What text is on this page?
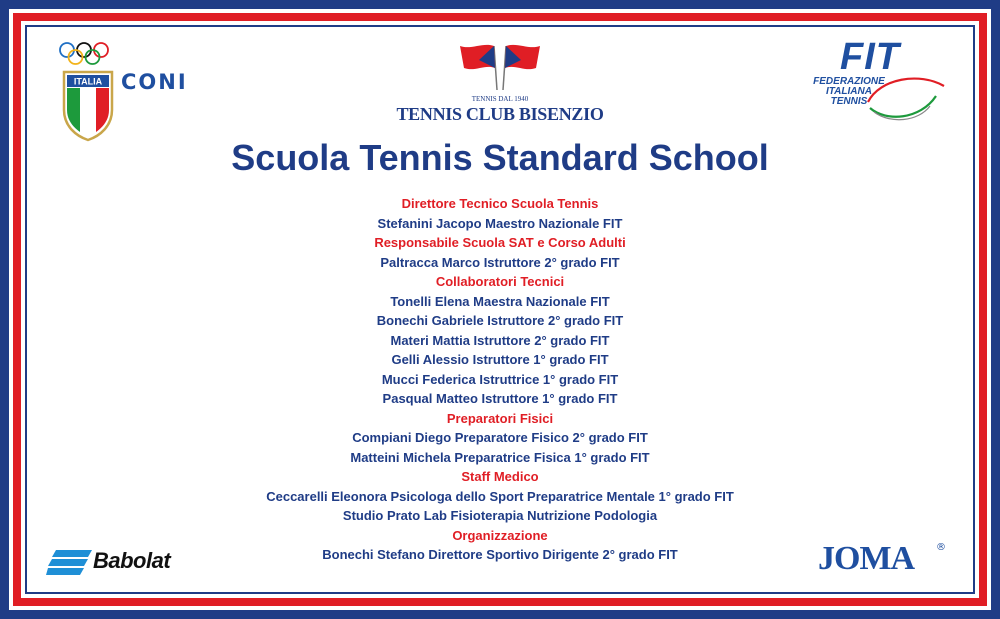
ITALIA CONI
TENNIS DAL 1940
TENNIS CLUB BISENZIO
FIT
FEDERAZIONE
ITALIANA
TENNIS
Scuola Tennis Standard School
Direttore Tecnico Scuola Tennis
Stefanini Jacopo Maestro Nazionale FIT
Responsabile Scuola SAT e Corso Adulti
Paltracca Marco Istruttore 2° grado FIT
Collaboratori Tecnici
Tonelli Elena Maestra Nazionale FIT
Bonechi Gabriele Istruttore 2° grado FIT
Materi Mattia Istruttore 2° grado FIT
Gelli Alessio Istruttore 1° grado FIT
Mucci Federica Istruttrice 1° grado FIT
Pasqual Matteo Istruttore 1° grado FIT
Preparatori Fisici
Compiani Diego Preparatore Fisico 2° grado FIT
Matteini Michela Preparatrice Fisica 1° grado FIT
Staff Medico
Ceccarelli Eleonora Psicologa dello Sport Preparatrice Mentale 1° grado FIT
Studio Prato Lab Fisioterapia Nutrizione Podologia
Organizzazione
Bonechi Stefano Direttore Sportivo Dirigente 2° grado FIT
Babolat	JOMA	®
